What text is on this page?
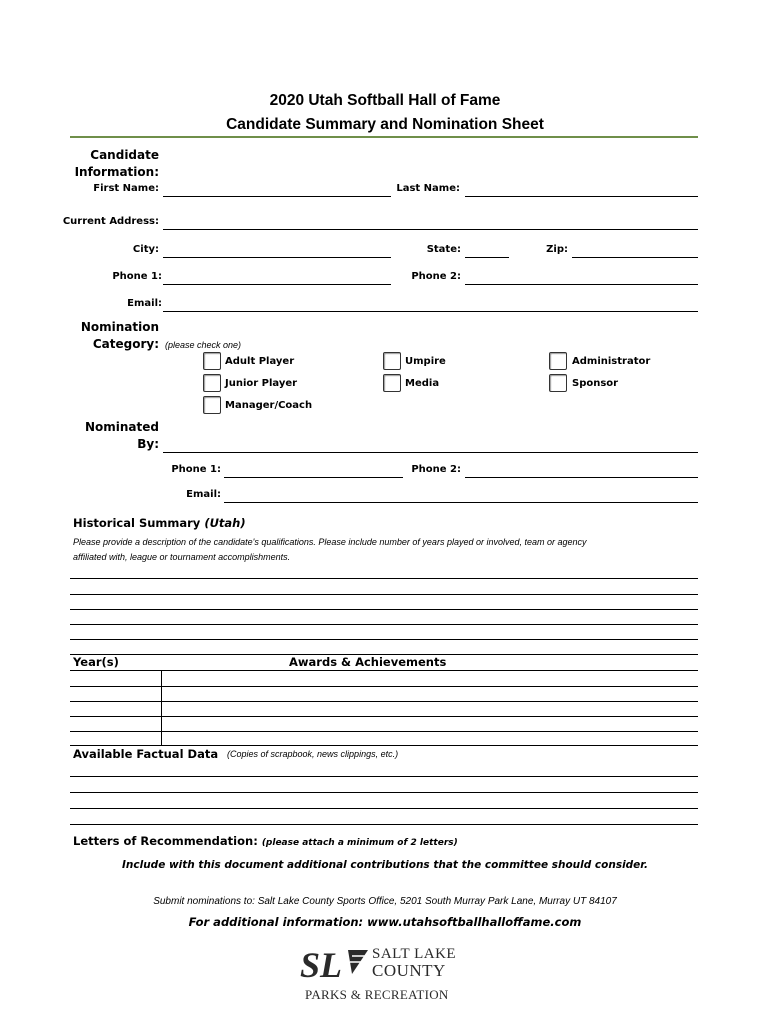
2020 Utah Softball Hall of Fame
Candidate Summary and Nomination Sheet
Candidate
Information:
First Name:	Last Name:
Current Address:
City:	State:	Zip:
Phone 1:	Phone 2:
Email:
Nomination
Category: (please check one)
Adult Player	Umpire	Administrator
Junior Player	Media	Sponsor
Manager/Coach
Nominated
By:
Phone 1:	Phone 2:
Email:
Historical Summary (Utah)
Please provide a description of the candidate's qualifications. Please include number of years played or involved, team or agency
affiliated with, league or tournament accomplishments.
Year(s)	Awards & Achievements
Available Factual Data (Copies of scrapbook, news clippings, etc.)
Letters of Recommendation: (please attach a minimum of 2 letters)
Include with this document additional contributions that the committee should consider.
Submit nominations to: Salt Lake County Sports Office, 5201 South Murray Park Lane, Murray UT 84107
For additional information: www.utahsoftballhalloffame.com
SL SALT LAKE
COUNTY
PARKS & RECREATION
